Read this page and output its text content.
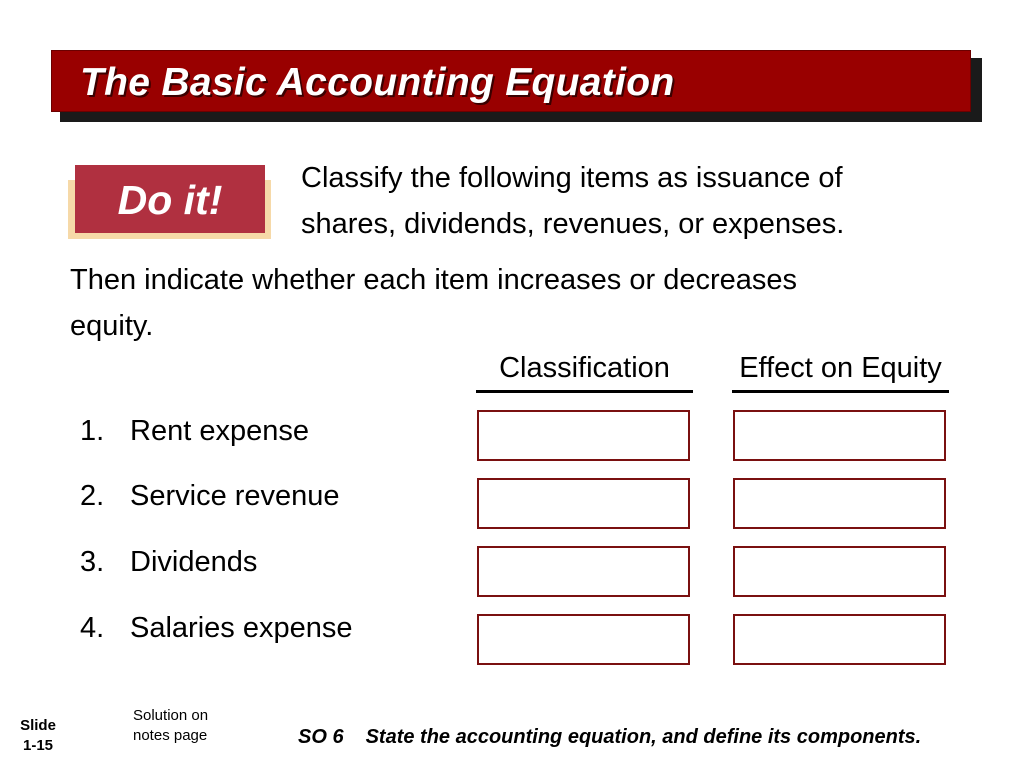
The Basic Accounting Equation
Do it!	Classify the following items as issuance of
shares, dividends, revenues, or expenses.
Then indicate whether each item increases or decreases
equity.
Classification	Effect on Equity
1. Rent expense
2. Service revenue
3. Dividends
4. Salaries expense
Slide
1-15
Solution on
notes page	SO 6 State the accounting equation, and define its components.
